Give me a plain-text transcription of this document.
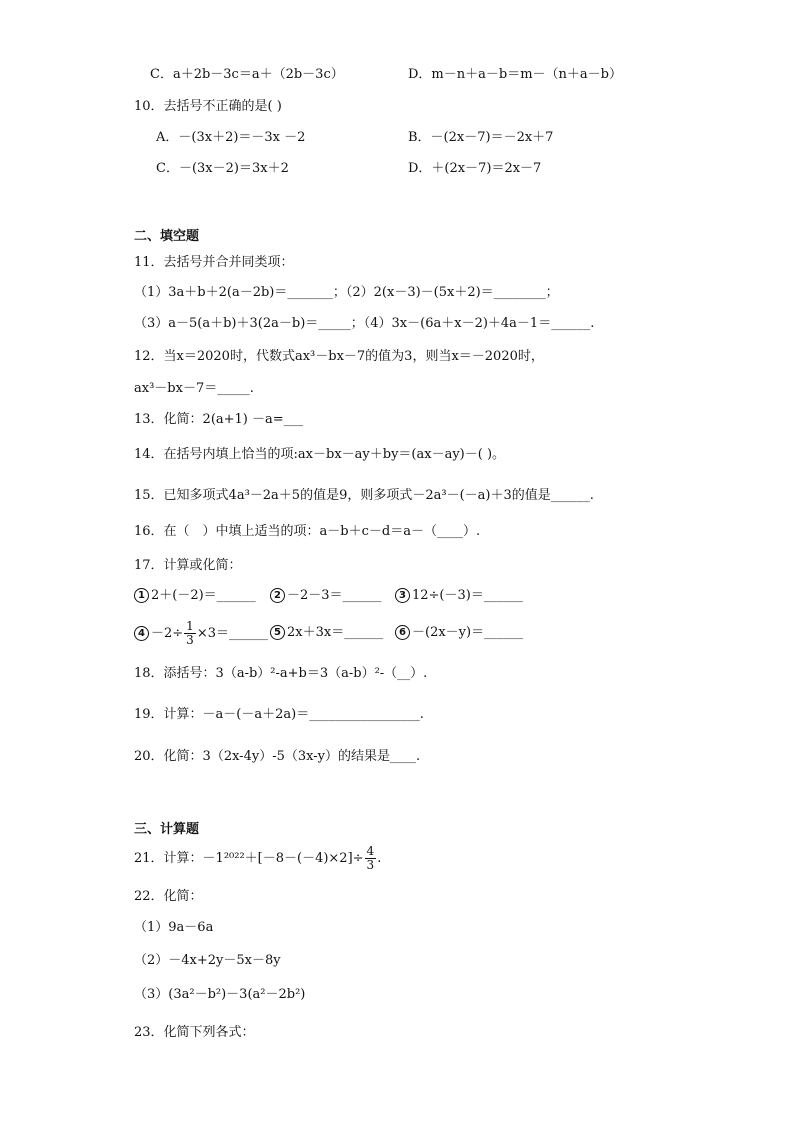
C．a＋2b－3c＝a＋（2b－3c）	D．m－n＋a－b＝m－（n＋a－b）
10．去括号不正确的是( )
A．－(3x＋2)＝－3x －2	B．－(2x－7)＝－2x＋7
C．－(3x－2)＝3x＋2	D．＋(2x－7)＝2x－7
二、填空题
11．去括号并合并同类项：
（1）3a＋b＋2(a－2b)＝_______；（2）2(x－3)－(5x＋2)＝________；
（3）a－5(a＋b)＋3(2a－b)＝_____；（4）3x－(6a＋x－2)＋4a－1＝______.
12．当x＝2020时，代数式ax³－bx－7的值为3，则当x＝－2020时，
ax³－bx－7＝_____.
13．化简：2(a+1) －a=___
14．在括号内填上恰当的项:ax－bx－ay＋by＝(ax－ay)－( )。
15．已知多项式4a³－2a＋5的值是9，则多项式－2a³－(－a)＋3的值是______.
16．在（　）中填上适当的项：a－b＋c－d＝a－（____）.
17．计算或化简：
1 2＋(－2)＝______	2 －2－3＝______	3 12÷(－3)＝______
$4 -2\div \frac{1}{3}$ ×3＝______ 5 2x＋3x＝______	6 －(2x－y)＝______
18．添括号：3（a-b）²-a+b＝3（a-b）²-（__）.
19．计算：－a－(－a＋2a)＝_________________.
20．化简：3（2x-4y）-5（3x-y）的结果是____.
三、计算题
21．计算：$-1^{2022}+[-8-(-4)\times 2]\div \frac{4}{3}$ .
22．化简：
（1）9a－6a
（2）－4x+2y－5x－8y
（3）(3a²－b²)－3(a²－2b²)
23．化简下列各式：
